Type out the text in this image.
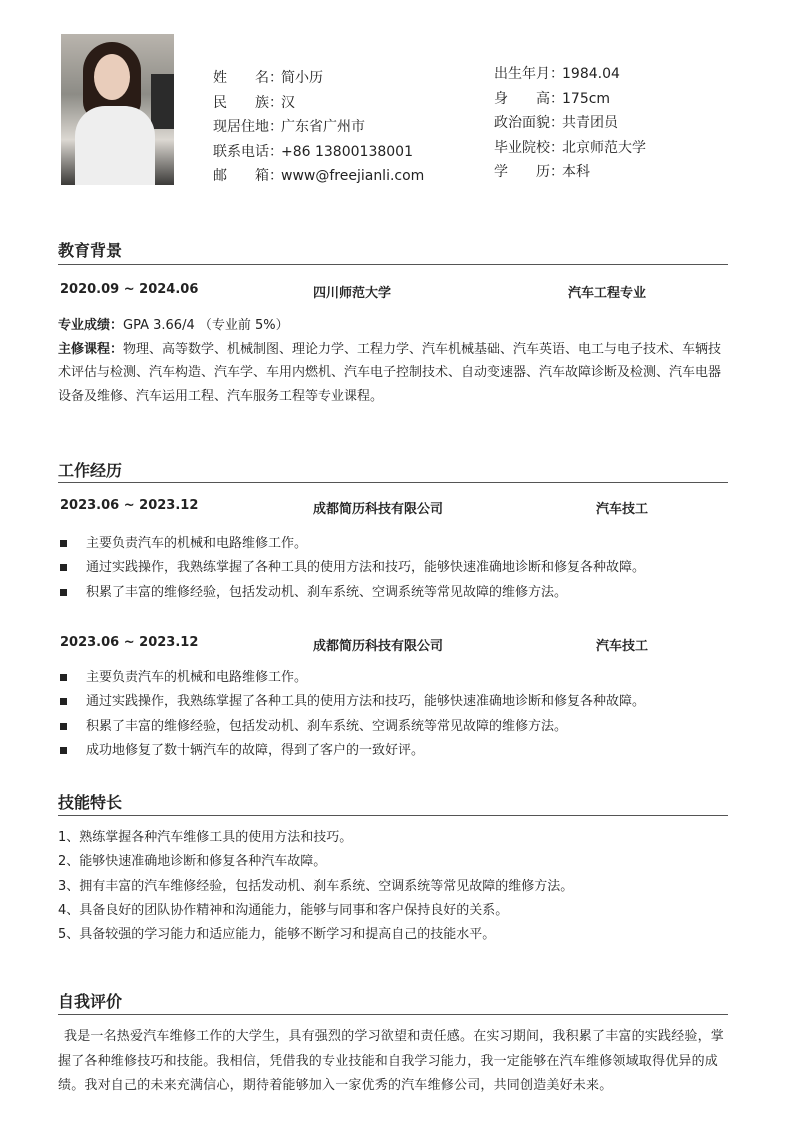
姓名：简小历
民族：汉
现居住地：广东省广州市
联系电话：+86 13800138001
邮箱：www@freejianli.com
出生年月：1984.04
身高：175cm
政治面貌：共青团员
毕业院校：北京师范大学
学历：本科
教育背景
2020.09 ~ 2024.06	四川师范大学	汽车工程专业
专业成绩：GPA 3.66/4 （专业前 5%）
主修课程：物理、高等数学、机械制图、理论力学、工程力学、汽车机械基础、汽车英语、电工与电子技术、车辆技术评估与检测、汽车构造、汽车学、车用内燃机、汽车电子控制技术、自动变速器、汽车故障诊断及检测、汽车电器设备及维修、汽车运用工程、汽车服务工程等专业课程。
工作经历
2023.06 ~ 2023.12	成都简历科技有限公司	汽车技工
主要负责汽车的机械和电路维修工作。
通过实践操作，我熟练掌握了各种工具的使用方法和技巧，能够快速准确地诊断和修复各种故障。
积累了丰富的维修经验，包括发动机、刹车系统、空调系统等常见故障的维修方法。
2023.06 ~ 2023.12	成都简历科技有限公司	汽车技工
主要负责汽车的机械和电路维修工作。
通过实践操作，我熟练掌握了各种工具的使用方法和技巧，能够快速准确地诊断和修复各种故障。
积累了丰富的维修经验，包括发动机、刹车系统、空调系统等常见故障的维修方法。
成功地修复了数十辆汽车的故障，得到了客户的一致好评。
技能特长
1、熟练掌握各种汽车维修工具的使用方法和技巧。
2、能够快速准确地诊断和修复各种汽车故障。
3、拥有丰富的汽车维修经验，包括发动机、刹车系统、空调系统等常见故障的维修方法。
4、具备良好的团队协作精神和沟通能力，能够与同事和客户保持良好的关系。
5、具备较强的学习能力和适应能力，能够不断学习和提高自己的技能水平。
自我评价
我是一名热爱汽车维修工作的大学生，具有强烈的学习欲望和责任感。在实习期间，我积累了丰富的实践经验，掌握了各种维修技巧和技能。我相信，凭借我的专业技能和自我学习能力，我一定能够在汽车维修领域取得优异的成绩。我对自己的未来充满信心，期待着能够加入一家优秀的汽车维修公司，共同创造美好未来。
